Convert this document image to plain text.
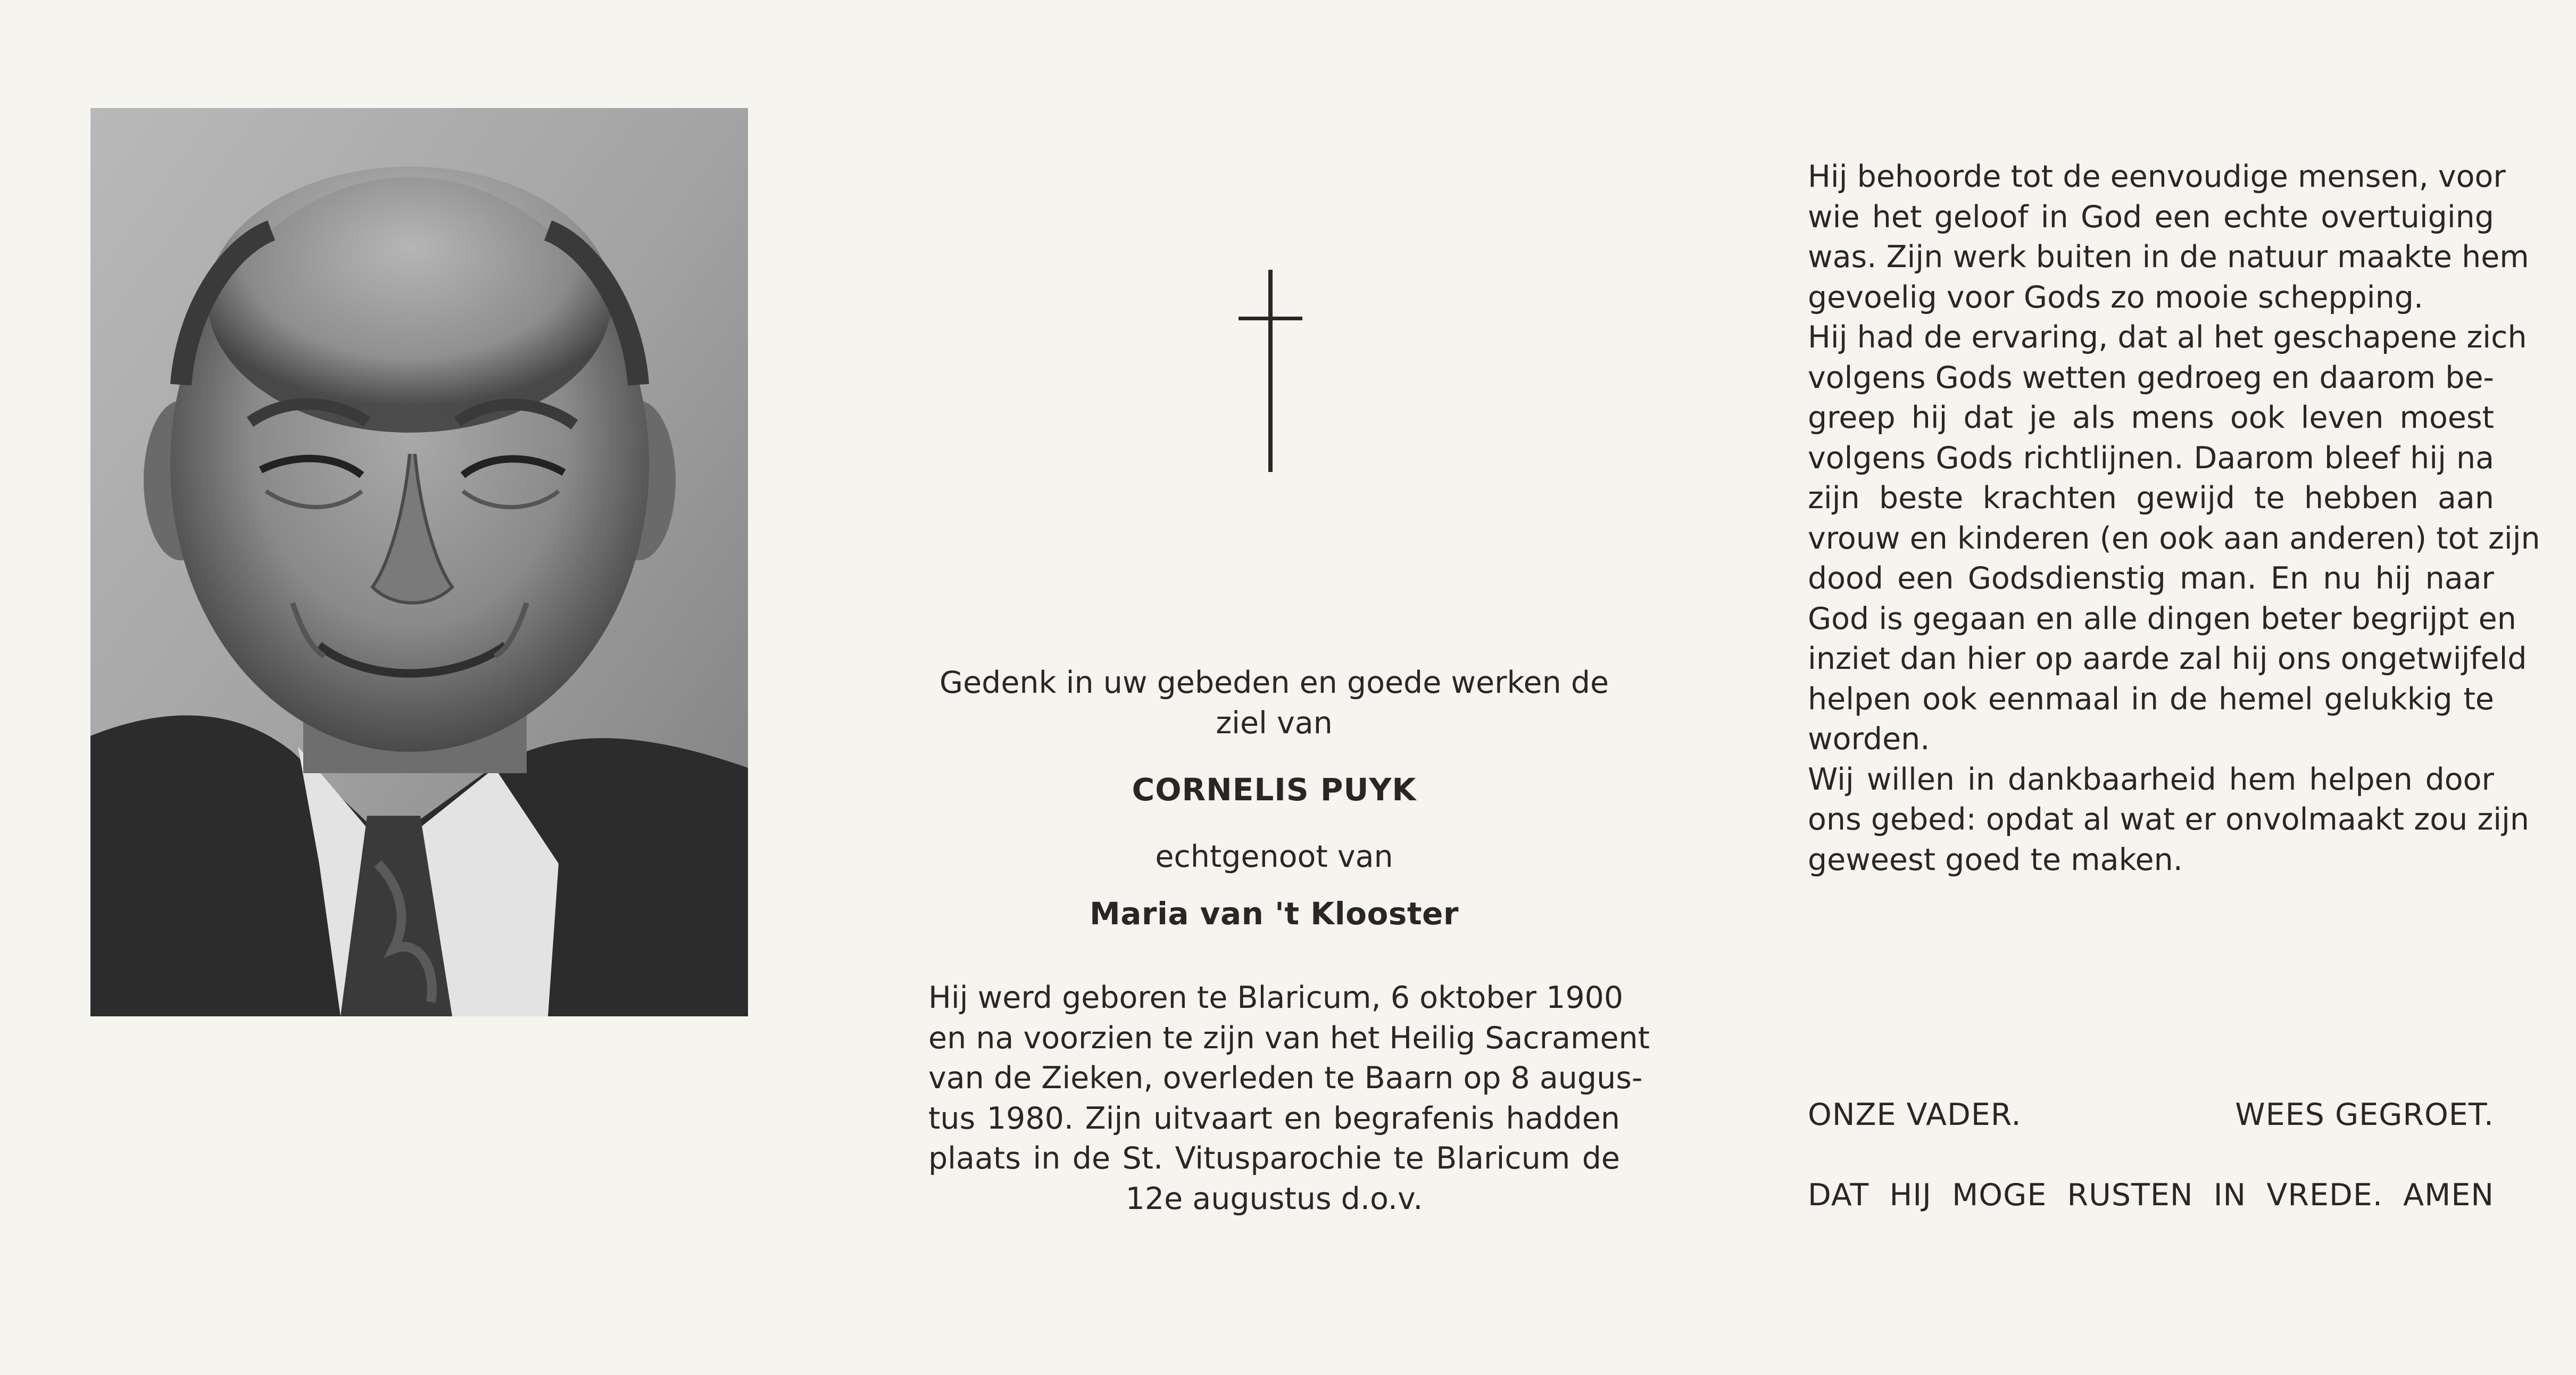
Gedenk in uw gebeden en goede werken de
ziel van
CORNELIS PUYK
echtgenoot van
Maria van 't Klooster
Hij werd geboren te Blaricum, 6 oktober 1900
en na voorzien te zijn van het Heilig Sacrament
van de Zieken, overleden te Baarn op 8 augus-
tus 1980. Zijn uitvaart en begrafenis hadden
plaats in de St. Vitusparochie te Blaricum de
12e augustus d.o.v.
Hij behoorde tot de eenvoudige mensen, voor
wie het geloof in God een echte overtuiging
was. Zijn werk buiten in de natuur maakte hem
gevoelig voor Gods zo mooie schepping.
Hij had de ervaring, dat al het geschapene zich
volgens Gods wetten gedroeg en daarom be-
greep hij dat je als mens ook leven moest
volgens Gods richtlijnen. Daarom bleef hij na
zijn beste krachten gewijd te hebben aan
vrouw en kinderen (en ook aan anderen) tot zijn
dood een Godsdienstig man. En nu hij naar
God is gegaan en alle dingen beter begrijpt en
inziet dan hier op aarde zal hij ons ongetwijfeld
helpen ook eenmaal in de hemel gelukkig te
worden.
Wij willen in dankbaarheid hem helpen door
ons gebed: opdat al wat er onvolmaakt zou zijn
geweest goed te maken.
ONZE VADER.	WEES GEGROET.
DAT HIJ MOGE RUSTEN IN VREDE. AMEN
